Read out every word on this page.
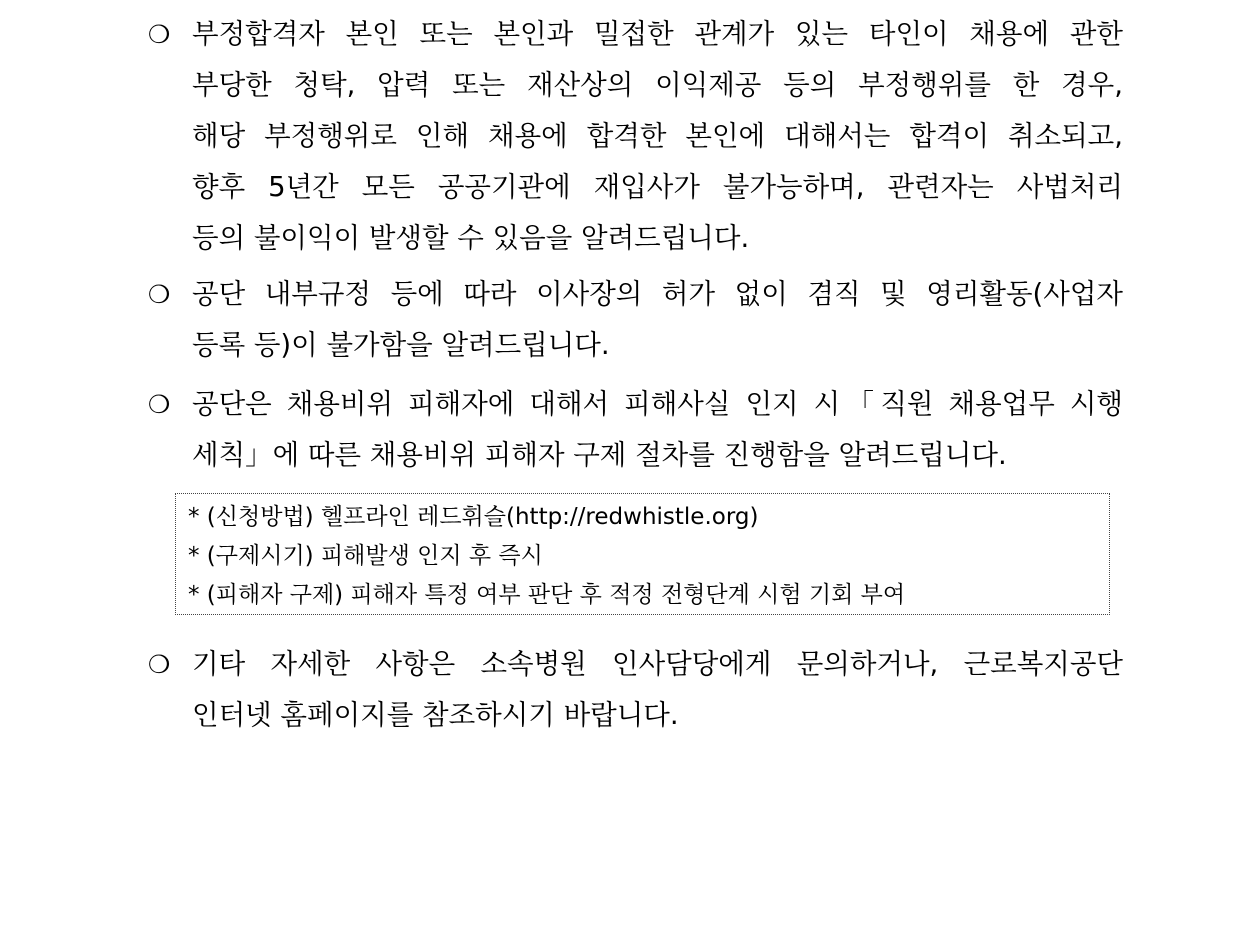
❍ 부정합격자 본인 또는 본인과 밀접한 관계가 있는 타인이 채용에 관한
부당한 청탁, 압력 또는 재산상의 이익제공 등의 부정행위를 한 경우,
해당 부정행위로 인해 채용에 합격한 본인에 대해서는 합격이 취소되고,
향후 5년간 모든 공공기관에 재입사가 불가능하며, 관련자는 사법처리
등의 불이익이 발생할 수 있음을 알려드립니다.
❍ 공단 내부규정 등에 따라 이사장의 허가 없이 겸직 및 영리활동(사업자
등록 등)이 불가함을 알려드립니다.
❍ 공단은 채용비위 피해자에 대해서 피해사실 인지 시「직원 채용업무 시행
세칙」에 따른 채용비위 피해자 구제 절차를 진행함을 알려드립니다.
* (신청방법) 헬프라인 레드휘슬(http://redwhistle.org)
* (구제시기) 피해발생 인지 후 즉시
* (피해자 구제) 피해자 특정 여부 판단 후 적정 전형단계 시험 기회 부여
❍ 기타 자세한 사항은 소속병원 인사담당에게 문의하거나, 근로복지공단
인터넷 홈페이지를 참조하시기 바랍니다.
